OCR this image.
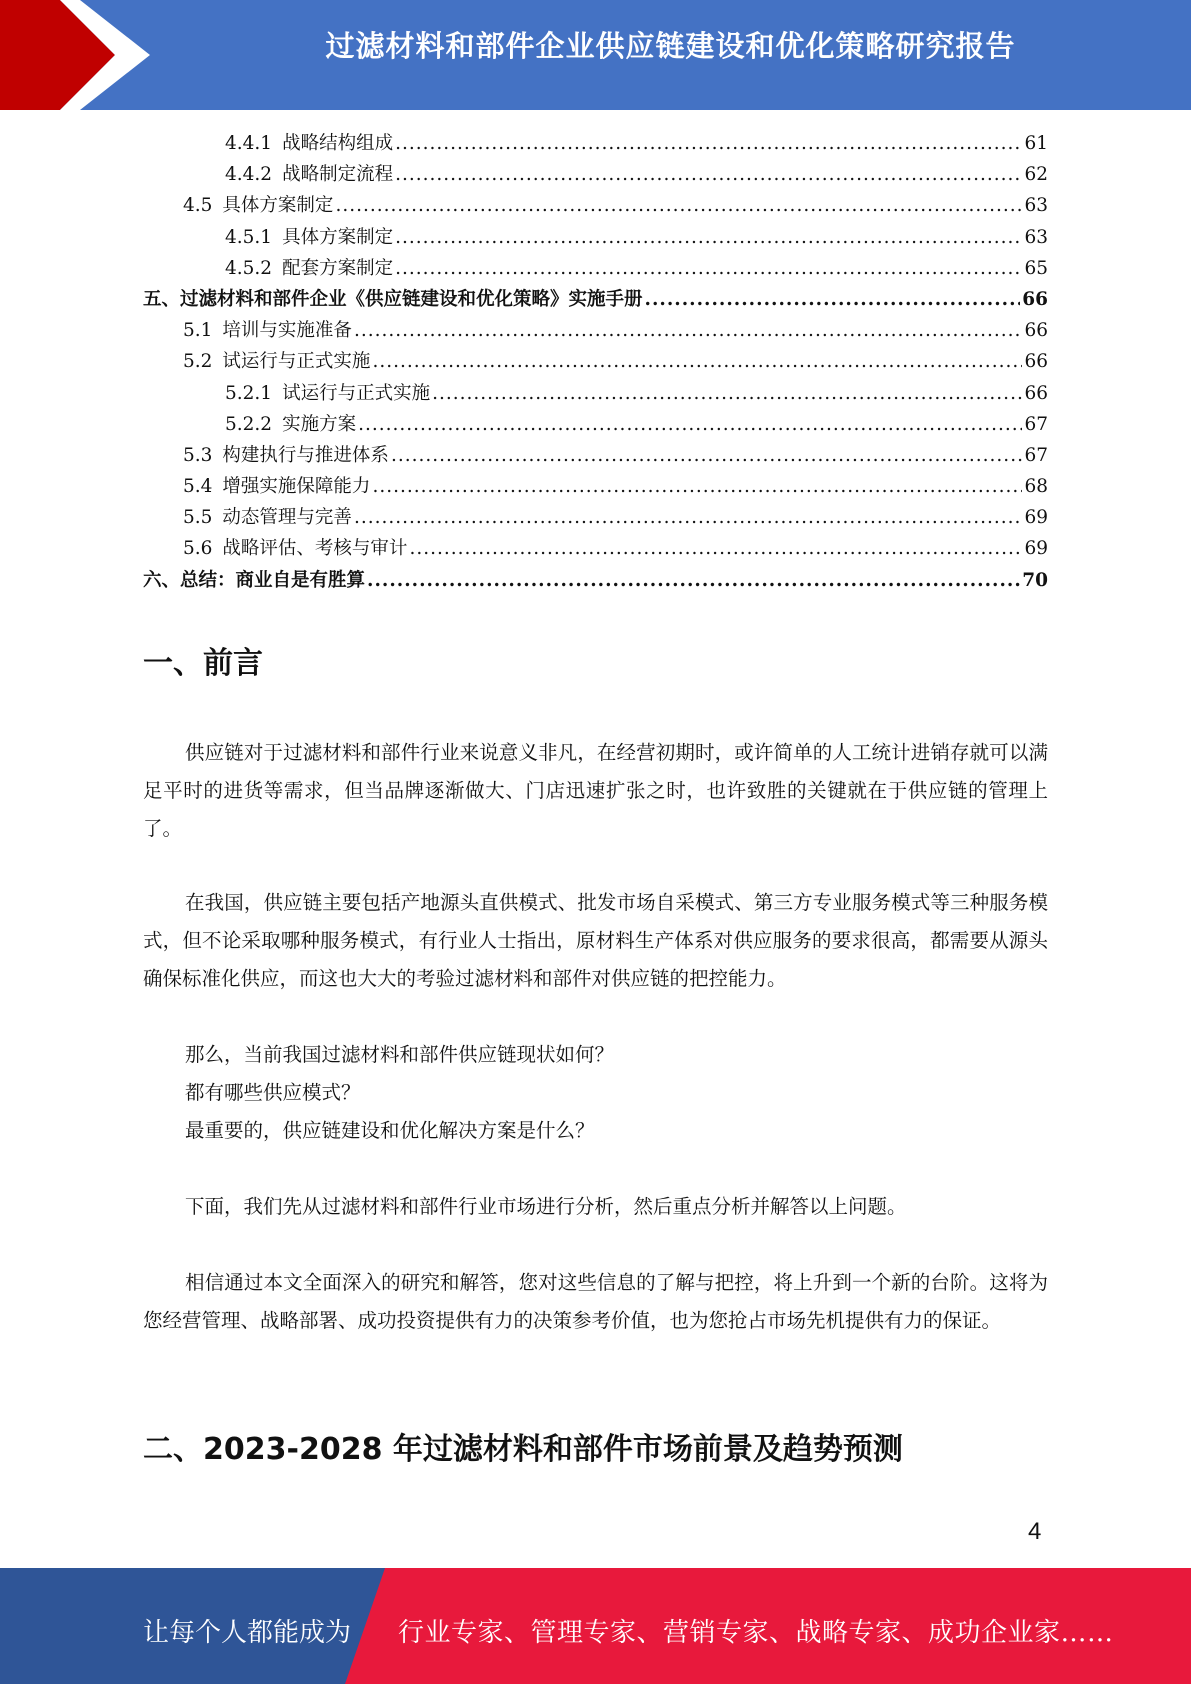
过滤材料和部件企业供应链建设和优化策略研究报告
4.4.1 战略结构组成 .....	61
4.4.2 战略制定流程 .....	62
4.5 具体方案制定 .....	63
4.5.1 具体方案制定 .....	63
4.5.2 配套方案制定 .....	65
五、过滤材料和部件企业《供应链建设和优化策略》实施手册 .....	66
5.1 培训与实施准备 .....	66
5.2 试运行与正式实施 .....	66
5.2.1 试运行与正式实施 .....	66
5.2.2 实施方案 .....	67
5.3 构建执行与推进体系 .....	67
5.4 增强实施保障能力 .....	68
5.5 动态管理与完善 .....	69
5.6 战略评估、考核与审计 .....	69
六、总结：商业自是有胜算 .....	70
一、前言

供应链对于过滤材料和部件行业来说意义非凡，在经营初期时，或许简单的人工统计进销存就可以满足平时的进货等需求，但当品牌逐渐做大、门店迅速扩张之时，也许致胜的关键就在于供应链的管理上了。

在我国，供应链主要包括产地源头直供模式、批发市场自采模式、第三方专业服务模式等三种服务模式，但不论采取哪种服务模式，有行业人士指出，原材料生产体系对供应服务的要求很高，都需要从源头确保标准化供应，而这也大大的考验过滤材料和部件对供应链的把控能力。

那么，当前我国过滤材料和部件供应链现状如何？
都有哪些供应模式？
最重要的，供应链建设和优化解决方案是什么？

下面，我们先从过滤材料和部件行业市场进行分析，然后重点分析并解答以上问题。

相信通过本文全面深入的研究和解答，您对这些信息的了解与把控，将上升到一个新的台阶。这将为您经营管理、战略部署、成功投资提供有力的决策参考价值，也为您抢占市场先机提供有力的保证。

二、2023-2028 年过滤材料和部件市场前景及趋势预测
4
让每个人都能成为 行业专家、管理专家、营销专家、战略专家、成功企业家……
